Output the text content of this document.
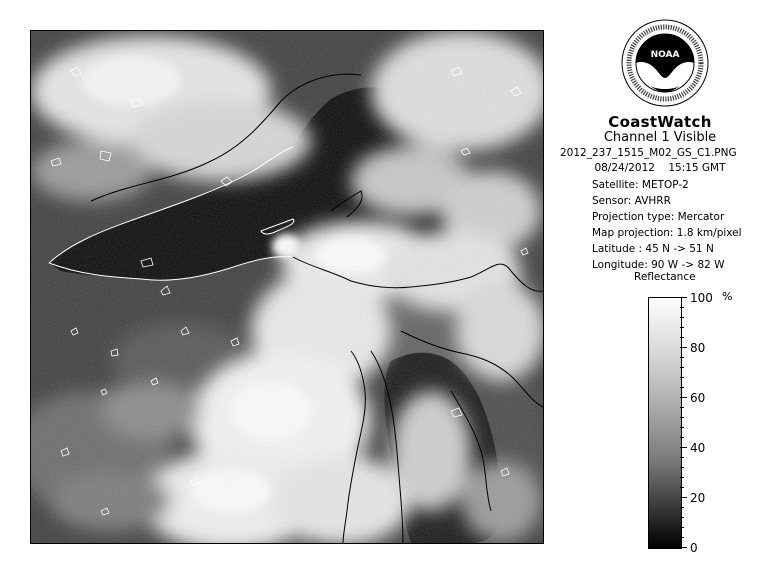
NOAA
CoastWatch
Channel 1 Visible
2012_237_1515_M02_GS_C1.PNG
08/24/2012 15:15 GMT
Satellite: METOP-2
Sensor: AVHRR
Projection type: Mercator
Map projection: 1.8 km/pixel
Latitude : 45 N -> 51 N
Longitude: 90 W -> 82 W
Reflectance
%
100
80
60
40
20
0
